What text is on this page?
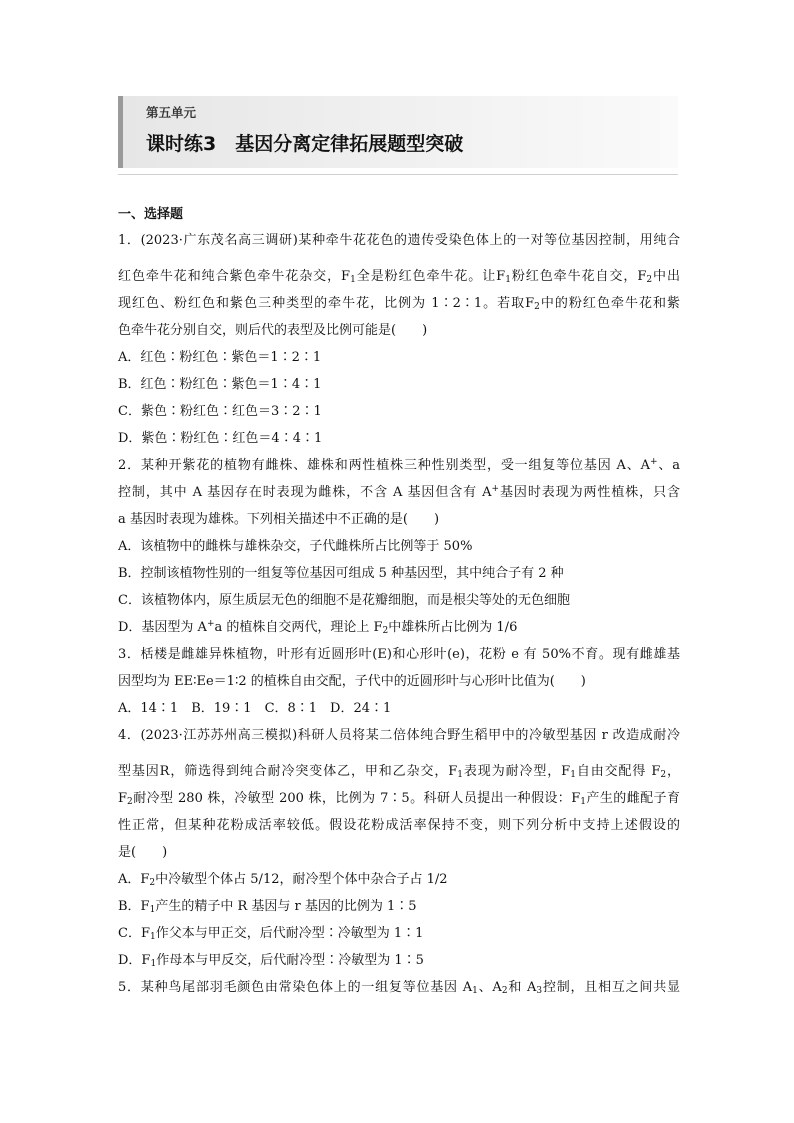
第五单元
课时练3　基因分离定律拓展题型突破
一、选择题
1．(2023·广东茂名高三调研)某种牵牛花花色的遗传受染色体上的一对等位基因控制，用纯合
红色牵牛花和纯合紫色牵牛花杂交，$F_1$全是粉红色牵牛花。让$F_1$粉红色牵牛花自交，$F_2$中出
现红色、粉红色和紫色三种类型的牵牛花，比例为 1∶2∶1。若取$F_2$中的粉红色牵牛花和紫
色牵牛花分别自交，则后代的表型及比例可能是(　　)
A．红色∶粉红色∶紫色＝1∶2∶1
B．红色∶粉红色∶紫色＝1∶4∶1
C．紫色∶粉红色∶红色＝3∶2∶1
D．紫色∶粉红色∶红色＝4∶4∶1
2．某种开紫花的植物有雌株、雄株和两性植株三种性别类型，受一组复等位基因 A、A+、a
控制，其中 A 基因存在时表现为雌株，不含 A 基因但含有 A+基因时表现为两性植株，只含
a 基因时表现为雄株。下列相关描述中不正确的是(　　)
A．该植物中的雌株与雄株杂交，子代雌株所占比例等于 50%
B．控制该植物性别的一组复等位基因可组成 5 种基因型，其中纯合子有 2 种
C．该植物体内，原生质层无色的细胞不是花瓣细胞，而是根尖等处的无色细胞
D．基因型为 A+a 的植株自交两代，理论上 $F_2$中雄株所占比例为 1/6
3．栝楼是雌雄异株植物，叶形有近圆形叶(E)和心形叶(e)，花粉 e 有 50%不育。现有雌雄基
因型均为 EE∶Ee＝1∶2 的植株自由交配，子代中的近圆形叶与心形叶比值为(　　)
A．14∶1　B．19∶1　C．8∶1　D．24∶1
4．(2023·江苏苏州高三模拟)科研人员将某二倍体纯合野生稻甲中的冷敏型基因 r 改造成耐冷
型基因R，筛选得到纯合耐冷突变体乙，甲和乙杂交，$F_1$表现为耐冷型，$F_1$自由交配得 $F_2$，
$F_2$耐冷型 280 株，冷敏型 200 株，比例为 7∶5。科研人员提出一种假设：$F_1$产生的雌配子育
性正常，但某种花粉成活率较低。假设花粉成活率保持不变，则下列分析中支持上述假设的
是(　　)
A．$F_2$中冷敏型个体占 5/12，耐冷型个体中杂合子占 1/2
B．$F_1$产生的精子中 R 基因与 r 基因的比例为 1∶5
C．$F_1$作父本与甲正交，后代耐冷型∶冷敏型为 1∶1
D．$F_1$作母本与甲反交，后代耐冷型∶冷敏型为 1∶5
5．某种鸟尾部羽毛颜色由常染色体上的一组复等位基因 $A_1$、$A_2$和 $A_3$控制，且相互之间共显
